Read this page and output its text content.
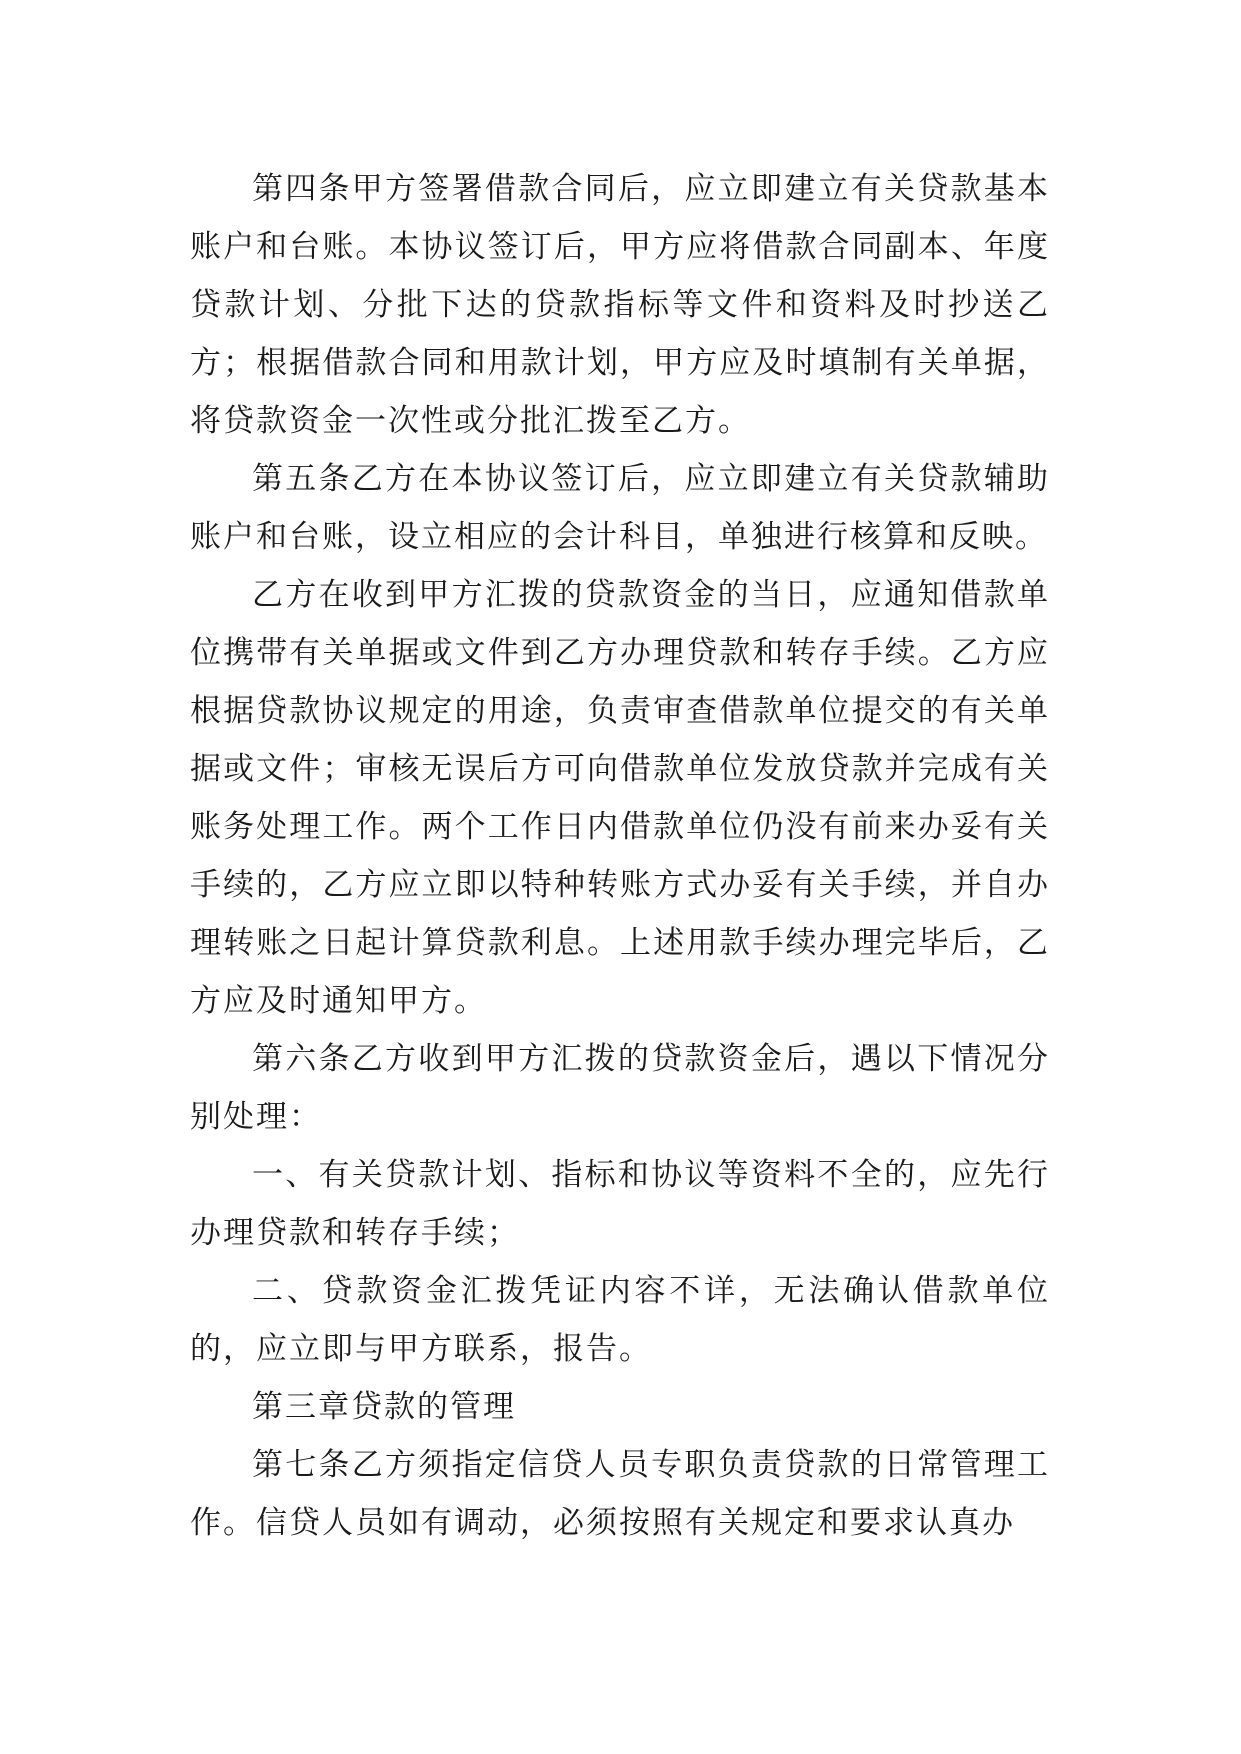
第四条甲方签署借款合同后，应立即建立有关贷款基本账户和台账。本协议签订后，甲方应将借款合同副本、年度贷款计划、分批下达的贷款指标等文件和资料及时抄送乙方；根据借款合同和用款计划，甲方应及时填制有关单据，将贷款资金一次性或分批汇拨至乙方。

第五条乙方在本协议签订后，应立即建立有关贷款辅助账户和台账，设立相应的会计科目，单独进行核算和反映。

乙方在收到甲方汇拨的贷款资金的当日，应通知借款单位携带有关单据或文件到乙方办理贷款和转存手续。乙方应根据贷款协议规定的用途，负责审查借款单位提交的有关单据或文件；审核无误后方可向借款单位发放贷款并完成有关账务处理工作。两个工作日内借款单位仍没有前来办妥有关手续的，乙方应立即以特种转账方式办妥有关手续，并自办理转账之日起计算贷款利息。上述用款手续办理完毕后，乙方应及时通知甲方。

第六条乙方收到甲方汇拨的贷款资金后，遇以下情况分别处理：

一、有关贷款计划、指标和协议等资料不全的，应先行办理贷款和转存手续；

二、贷款资金汇拨凭证内容不详，无法确认借款单位的，应立即与甲方联系，报告。

第三章贷款的管理

第七条乙方须指定信贷人员专职负责贷款的日常管理工作。信贷人员如有调动，必须按照有关规定和要求认真办
